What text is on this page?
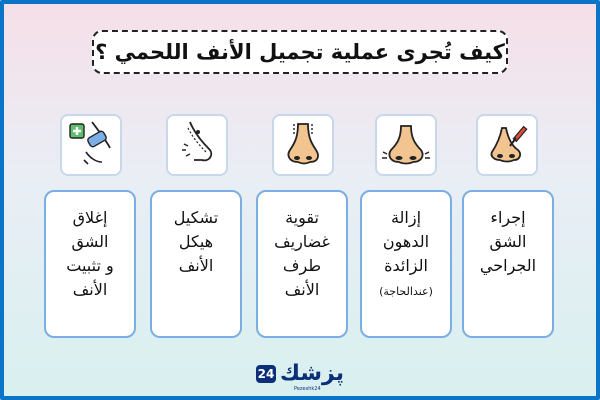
كيف تُجرى عملية تجميل الأنف اللحمي ؟
إجراء
الشق
الجراحي
إزالة
الدهون
الزائدة
(عندالحاجة)
تقوية
غضاريف
طرف
الأنف
تشكيل
هيكل
الأنف
إغلاق
الشق
و تثبيت
الأنف
24 پزشك
Pezeshk24
